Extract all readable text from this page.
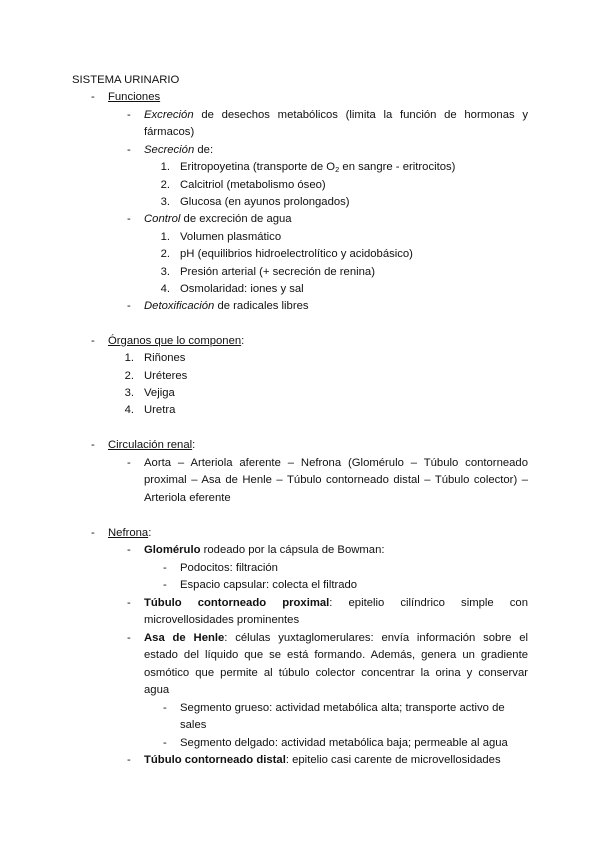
SISTEMA URINARIO
- Funciones
- Excreción de desechos metabólicos (limita la función de hormonas y
fármacos)
- Secreción de:
1. Eritropoyetina (transporte de $O_2$ en sangre - eritrocitos)
2. Calcitriol (metabolismo óseo)
3. Glucosa (en ayunos prolongados)
- Control de excreción de agua
1. Volumen plasmático
2. pH (equilibrios hidroelectrolítico y acidobásico)
3. Presión arterial (+ secreción de renina)
4. Osmolaridad: iones y sal
- Detoxificación de radicales libres
- Órganos que lo componen:
1. Riñones
2. Uréteres
3. Vejiga
4. Uretra
- Circulación renal:
- Aorta – Arteriola aferente – Nefrona (Glomérulo – Túbulo contorneado
proximal – Asa de Henle – Túbulo contorneado distal – Túbulo colector) –
Arteriola eferente
- Nefrona:
- Glomérulo rodeado por la cápsula de Bowman:
- Podocitos: filtración
- Espacio capsular: colecta el filtrado
- Túbulo contorneado proximal: epitelio cilíndrico simple con
microvellosidades prominentes
- Asa de Henle: células yuxtaglomerulares: envía información sobre el
estado del líquido que se está formando. Además, genera un gradiente
osmótico que permite al túbulo colector concentrar la orina y conservar
agua
- Segmento grueso: actividad metabólica alta; transporte activo de
sales
- Segmento delgado: actividad metabólica baja; permeable al agua
- Túbulo contorneado distal: epitelio casi carente de microvellosidades
